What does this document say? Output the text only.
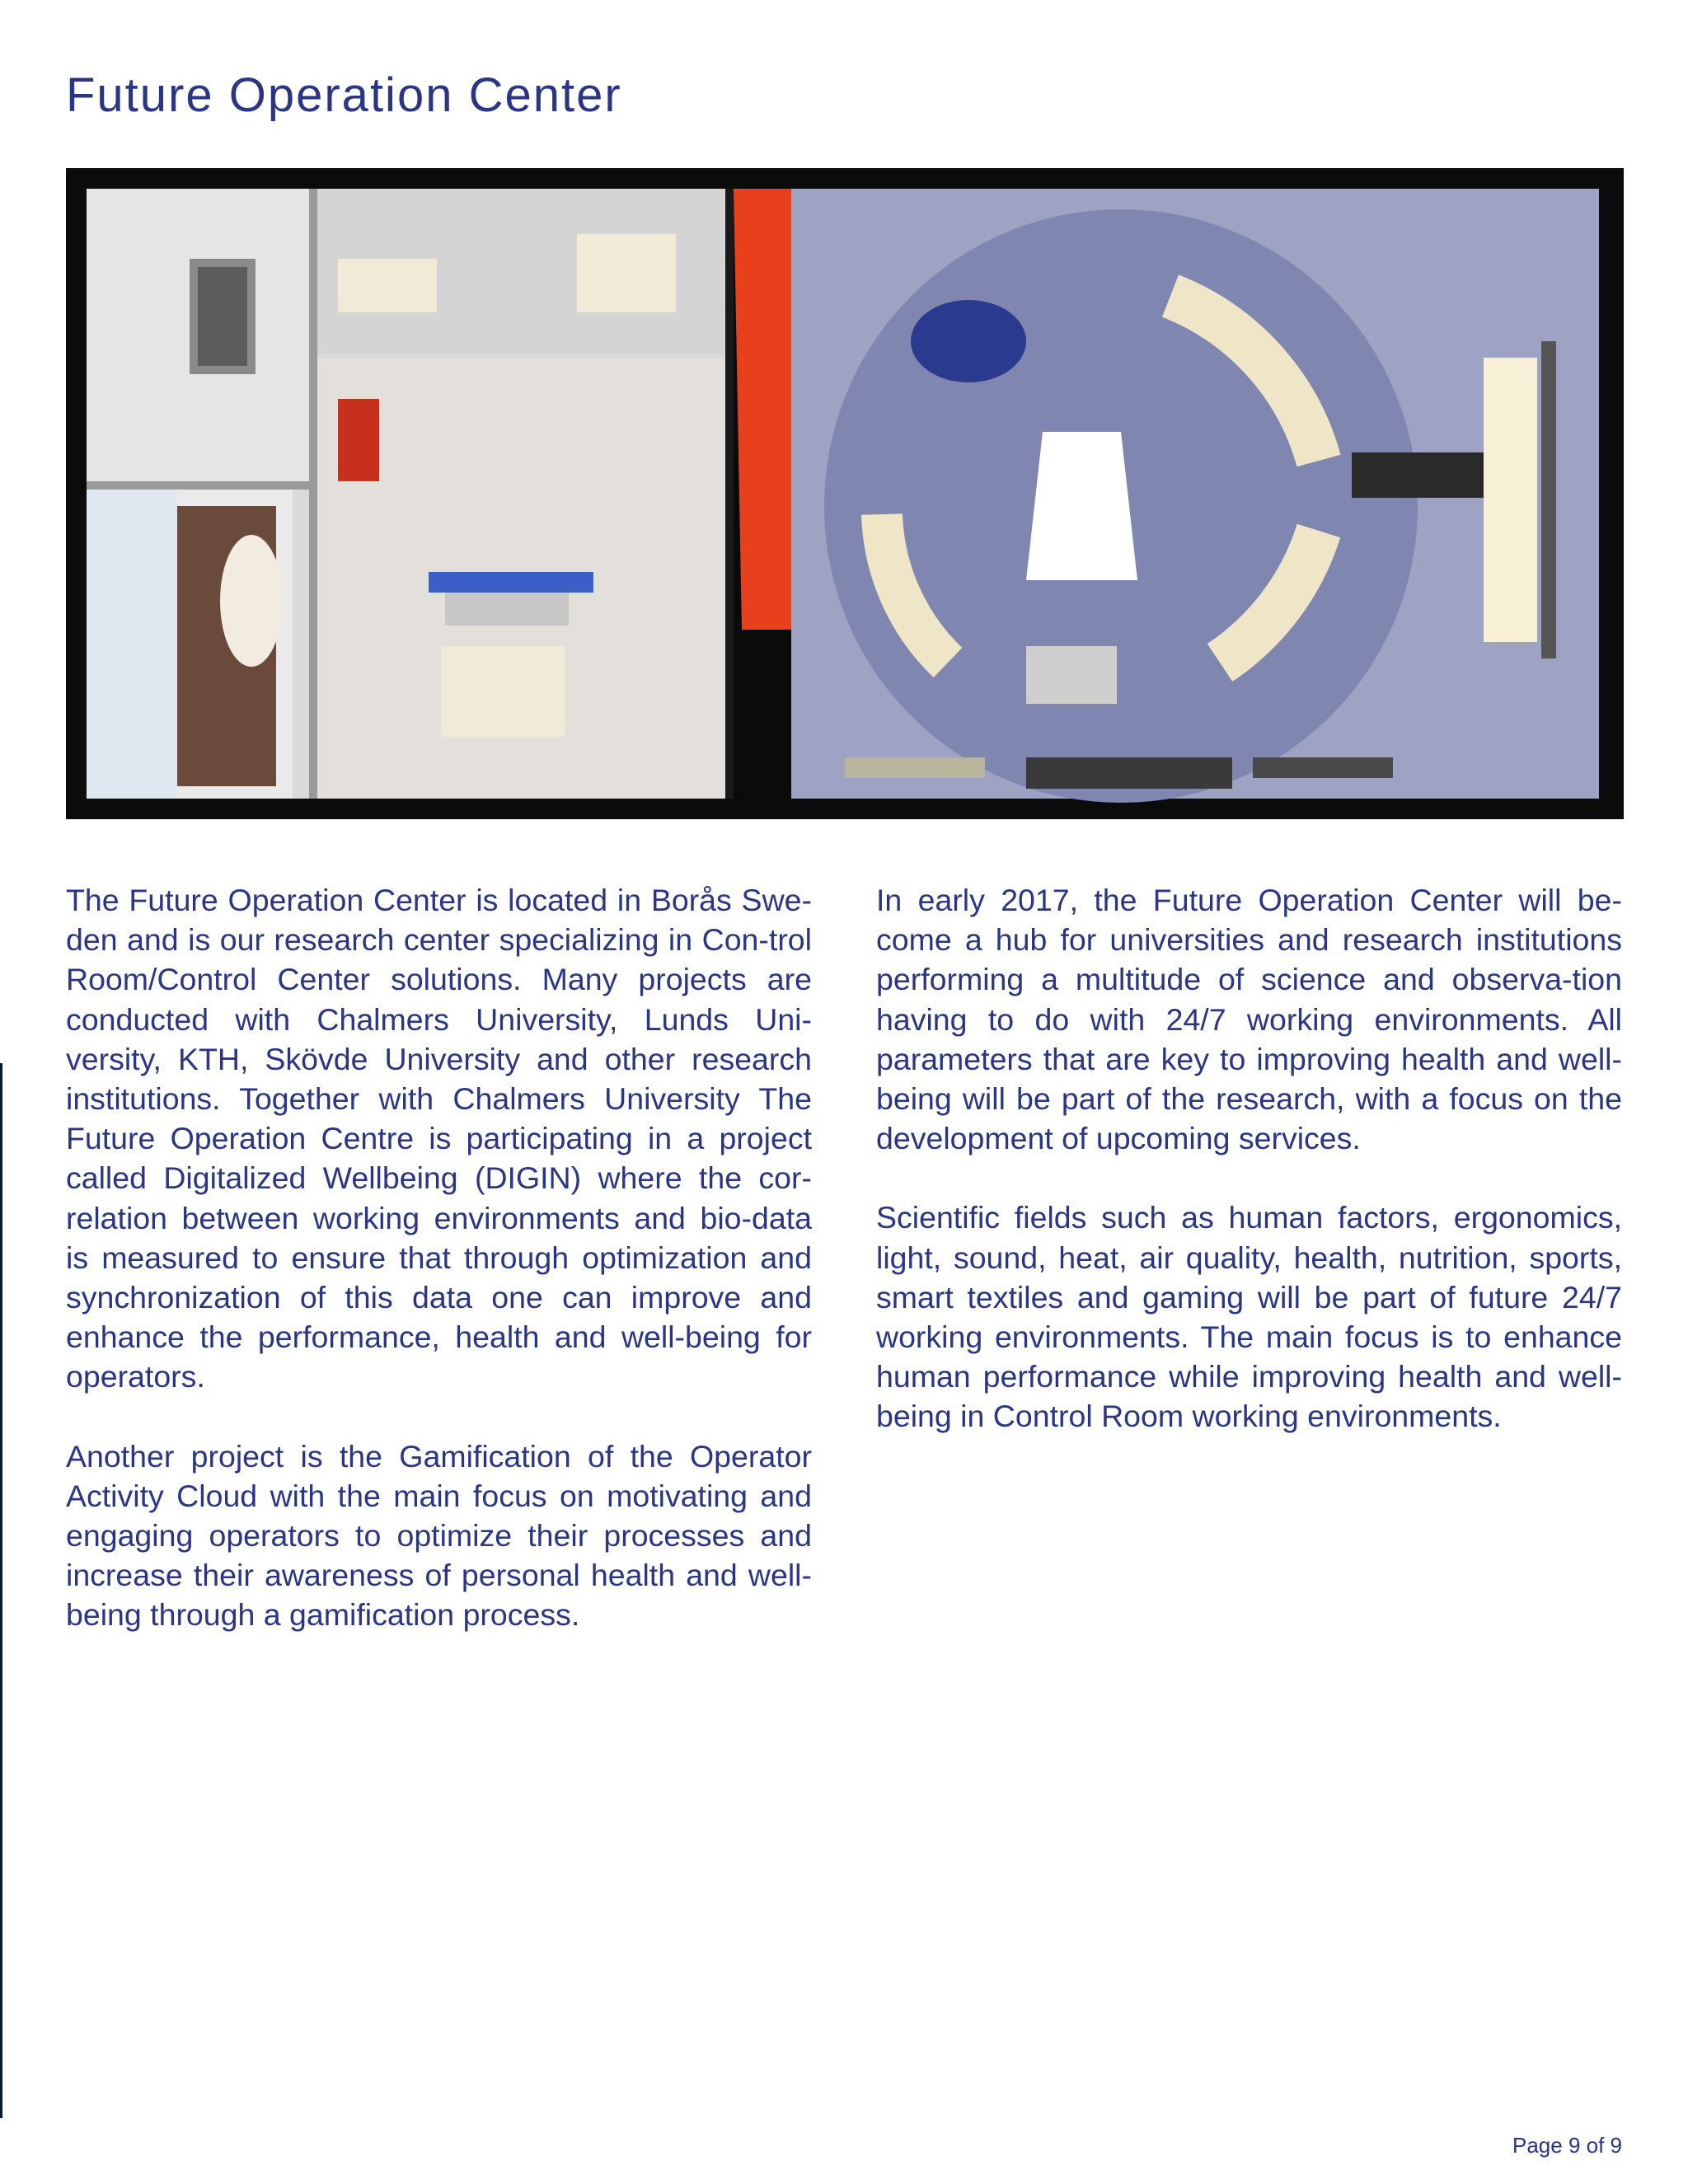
Future Operation Center

The Future Operation Center is located in Borås Swe-den and is our research center specializing in Con-trol Room/Control Center solutions. Many projects are conducted with Chalmers University, Lunds Uni-versity, KTH, Skövde University and other research institutions. Together with Chalmers University The Future Operation Centre is participating in a project called Digitalized Wellbeing (DIGIN) where the cor-relation between working environments and bio-data is measured to ensure that through optimization and synchronization of this data one can improve and enhance the performance, health and well-being for operators.

Another project is the Gamification of the Operator Activity Cloud with the main focus on motivating and engaging operators to optimize their processes and increase their awareness of personal health and well-being through a gamification process.

In early 2017, the Future Operation Center will be-come a hub for universities and research institutions performing a multitude of science and observa-tion having to do with 24/7 working environments. All parameters that are key to improving health and well-being will be part of the research, with a focus on the development of upcoming services.

Scientific fields such as human factors, ergonomics, light, sound, heat, air quality, health, nutrition, sports, smart textiles and gaming will be part of future 24/7 working environments. The main focus is to enhance human performance while improving health and well-being in Control Room working environments.

Page 9 of 9
